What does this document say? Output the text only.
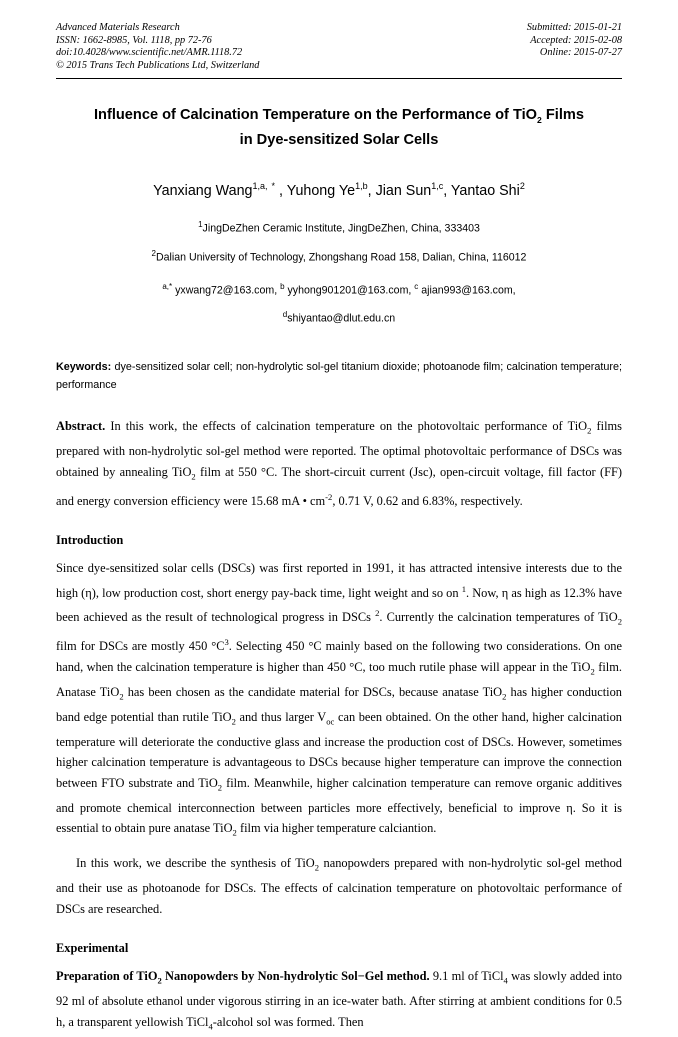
Advanced Materials Research
ISSN: 1662-8985, Vol. 1118, pp 72-76
doi:10.4028/www.scientific.net/AMR.1118.72
© 2015 Trans Tech Publications Ltd, Switzerland
Submitted: 2015-01-21
Accepted: 2015-02-08
Online: 2015-07-27
Influence of Calcination Temperature on the Performance of TiO$_2$ Films
in Dye-sensitized Solar Cells
Yanxiang Wang$^{1,a,}$ * , Yuhong Ye$^{1,b}$, Jian Sun$^{1,c}$, Yantao Shi$^2$
$^1$JingDeZhen Ceramic Institute, JingDeZhen, China, 333403
$^2$Dalian University of Technology, Zhongshang Road 158, Dalian, China, 116012
$^{a,*}$ yxwang72@163.com, $^b$ yyhong901201@163.com, $^c$ ajian993@163.com,
$^d$shiyantao@dlut.edu.cn
Keywords: dye-sensitized solar cell; non-hydrolytic sol-gel titanium dioxide; photoanode film; calcination temperature; performance
Abstract. In this work, the effects of calcination temperature on the photovoltaic performance of TiO$_2$ films prepared with non-hydrolytic sol-gel method were reported. The optimal photovoltaic performance of DSCs was obtained by annealing TiO$_2$ film at 550 °C. The short-circuit current (Jsc), open-circuit voltage, fill factor (FF) and energy conversion efficiency were 15.68 mA • $cm^{-2}$, 0.71 V, 0.62 and 6.83%, respectively.
Introduction

Since dye-sensitized solar cells (DSCs) was first reported in 1991, it has attracted intensive interests due to the high (η), low production cost, short energy pay-back time, light weight and so on $^1$. Now, η as high as 12.3% have been achieved as the result of technological progress in DSCs $^2$. Currently the calcination temperatures of TiO$_2$ film for DSCs are mostly 450 $^\circ C^3$. Selecting 450 °C mainly based on the following two considerations. On one hand, when the calcination temperature is higher than 450 °C, too much rutile phase will appear in the TiO$_2$ film. Anatase TiO$_2$ has been chosen as the candidate material for DSCs, because anatase TiO$_2$ has higher conduction band edge potential than rutile TiO$_2$ and thus larger $V_{oc}$ can been obtained. On the other hand, higher calcination temperature will deteriorate the conductive glass and increase the production cost of DSCs. However, sometimes higher calcination temperature is advantageous to DSCs because higher temperature can improve the connection between FTO substrate and TiO$_2$ film. Meanwhile, higher calcination temperature can remove organic additives and promote chemical interconnection between particles more effectively, beneficial to improve η. So it is essential to obtain pure anatase TiO$_2$ film via higher temperature calciantion.

In this work, we describe the synthesis of TiO$_2$ nanopowders prepared with non-hydrolytic sol-gel method and their use as photoanode for DSCs. The effects of calcination temperature on photovoltaic performance of DSCs are researched.

Experimental

Preparation of TiO$_2$ Nanopowders by Non-hydrolytic Sol−Gel method. 9.1 ml of TiCl$_4$ was slowly added into 92 ml of absolute ethanol under vigorous stirring in an ice-water bath. After stirring at ambient conditions for 0.5 h, a transparent yellowish TiCl$_4$-alcohol sol was formed. Then
